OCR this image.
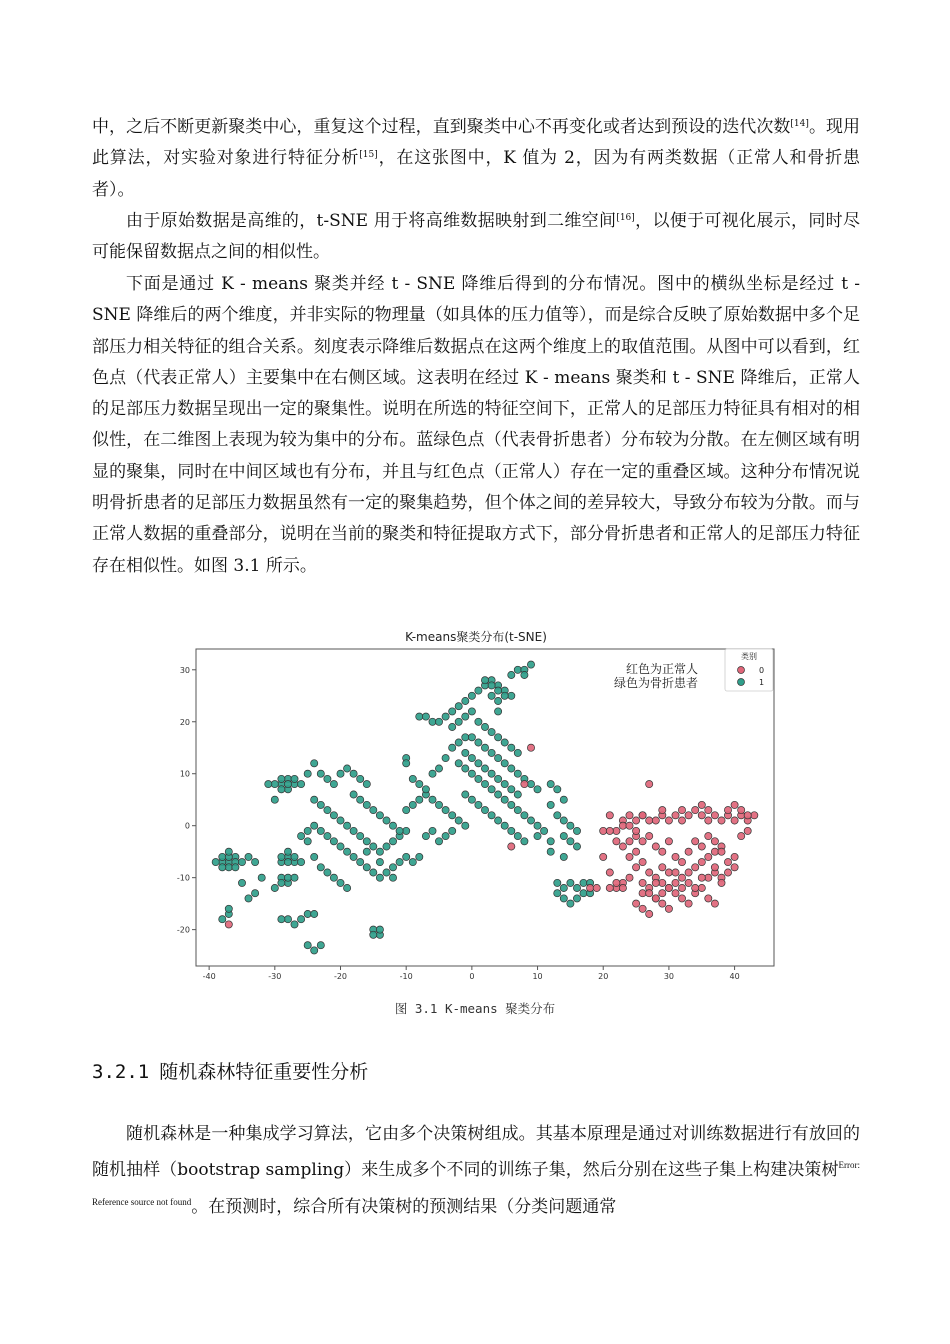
中，之后不断更新聚类中心，重复这个过程，直到聚类中心不再变化或者达到预设的迭代次数[14]。现用此算法，对实验对象进行特征分析[15]，在这张图中，K 值为 2，因为有两类数据（正常人和骨折患者）。

由于原始数据是高维的，t-SNE 用于将高维数据映射到二维空间[16]，以便于可视化展示，同时尽可能保留数据点之间的相似性。

下面是通过 K - means 聚类并经 t - SNE 降维后得到的分布情况。图中的横纵坐标是经过 t - SNE 降维后的两个维度，并非实际的物理量（如具体的压力值等），而是综合反映了原始数据中多个足部压力相关特征的组合关系。刻度表示降维后数据点在这两个维度上的取值范围。从图中可以看到，红色点（代表正常人）主要集中在右侧区域。这表明在经过 K - means 聚类和 t - SNE 降维后，正常人的足部压力数据呈现出一定的聚集性。说明在所选的特征空间下，正常人的足部压力特征具有相对的相似性，在二维图上表现为较为集中的分布。蓝绿色点（代表骨折患者）分布较为分散。在左侧区域有明显的聚集，同时在中间区域也有分布，并且与红色点（正常人）存在一定的重叠区域。这种分布情况说明骨折患者的足部压力数据虽然有一定的聚集趋势，但个体之间的差异较大，导致分布较为分散。而与正常人数据的重叠部分，说明在当前的聚类和特征提取方式下，部分骨折患者和正常人的足部压力特征存在相似性。如图 3.1 所示。

K-means聚类分布(t-SNE)
-40	-30	-20	-10	0	10	20	30	40
-20
-10
0
10
20
30	红色为正常人
绿色为骨折患者
类别
0
1
图 3.1 K-means 聚类分布
3.2.1 随机森林特征重要性分析

随机森林是一种集成学习算法，它由多个决策树组成。其基本原理是通过对训练数据进行有放回的随机抽样（bootstrap sampling）来生成多个不同的训练子集，然后分别在这些子集上构建决策树$^{Error: Reference source not found}$。在预测时，综合所有决策树的预测结果（分类问题通常
